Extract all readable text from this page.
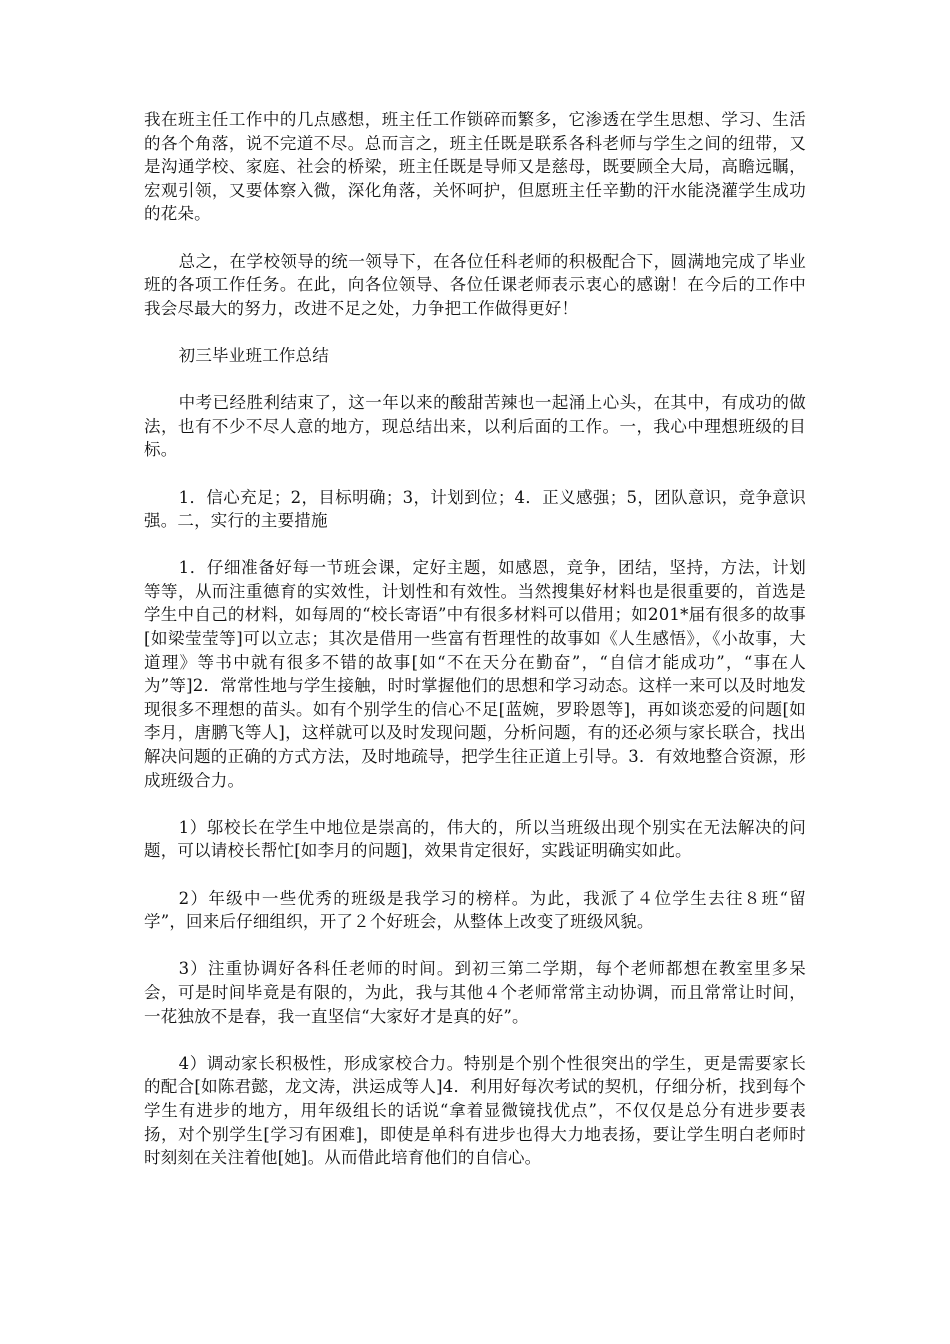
我在班主任工作中的几点感想，班主任工作锁碎而繁多，它渗透在学生思想、学习、生活的各个角落，说不完道不尽。总而言之，班主任既是联系各科老师与学生之间的纽带，又是沟通学校、家庭、社会的桥梁，班主任既是导师又是慈母，既要顾全大局，高瞻远瞩，宏观引领，又要体察入微，深化角落，关怀呵护，但愿班主任辛勤的汗水能浇灌学生成功的花朵。

总之，在学校领导的统一领导下，在各位任科老师的积极配合下，圆满地完成了毕业班的各项工作任务。在此，向各位领导、各位任课老师表示衷心的感谢！在今后的工作中我会尽最大的努力，改进不足之处，力争把工作做得更好！

初三毕业班工作总结

中考已经胜利结束了，这一年以来的酸甜苦辣也一起涌上心头，在其中，有成功的做法，也有不少不尽人意的地方，现总结出来，以利后面的工作。一，我心中理想班级的目标。

1．信心充足；2，目标明确；3，计划到位；4．正义感强；5，团队意识，竞争意识强。二，实行的主要措施

1．仔细准备好每一节班会课，定好主题，如感恩，竞争，团结，坚持，方法，计划等等，从而注重德育的实效性，计划性和有效性。当然搜集好材料也是很重要的，首选是学生中自己的材料，如每周的“校长寄语”中有很多材料可以借用；如201*届有很多的故事[如梁莹莹等]可以立志；其次是借用一些富有哲理性的故事如《人生感悟》，《小故事，大道理》等书中就有很多不错的故事[如“不在天分在勤奋”，“自信才能成功”，“事在人为”等]2．常常性地与学生接触，时时掌握他们的思想和学习动态。这样一来可以及时地发现很多不理想的苗头。如有个别学生的信心不足[蓝婉，罗聆恩等]，再如谈恋爱的问题[如李月，唐鹏飞等人]，这样就可以及时发现问题，分析问题，有的还必须与家长联合，找出解决问题的正确的方式方法，及时地疏导，把学生往正道上引导。3．有效地整合资源，形成班级合力。

1）邬校长在学生中地位是崇高的，伟大的，所以当班级出现个别实在无法解决的问题，可以请校长帮忙[如李月的问题]，效果肯定很好，实践证明确实如此。

2）年级中一些优秀的班级是我学习的榜样。为此，我派了４位学生去往８班“留学”，回来后仔细组织，开了２个好班会，从整体上改变了班级风貌。

3）注重协调好各科任老师的时间。到初三第二学期，每个老师都想在教室里多呆会，可是时间毕竟是有限的，为此，我与其他４个老师常常主动协调，而且常常让时间，一花独放不是春，我一直坚信“大家好才是真的好”。

4）调动家长积极性，形成家校合力。特别是个别个性很突出的学生，更是需要家长的配合[如陈君懿，龙文涛，洪运成等人]4．利用好每次考试的契机，仔细分析，找到每个学生有进步的地方，用年级组长的话说“拿着显微镜找优点”，不仅仅是总分有进步要表扬，对个别学生[学习有困难]，即使是单科有进步也得大力地表扬，要让学生明白老师时时刻刻在关注着他[她]。从而借此培育他们的自信心。
